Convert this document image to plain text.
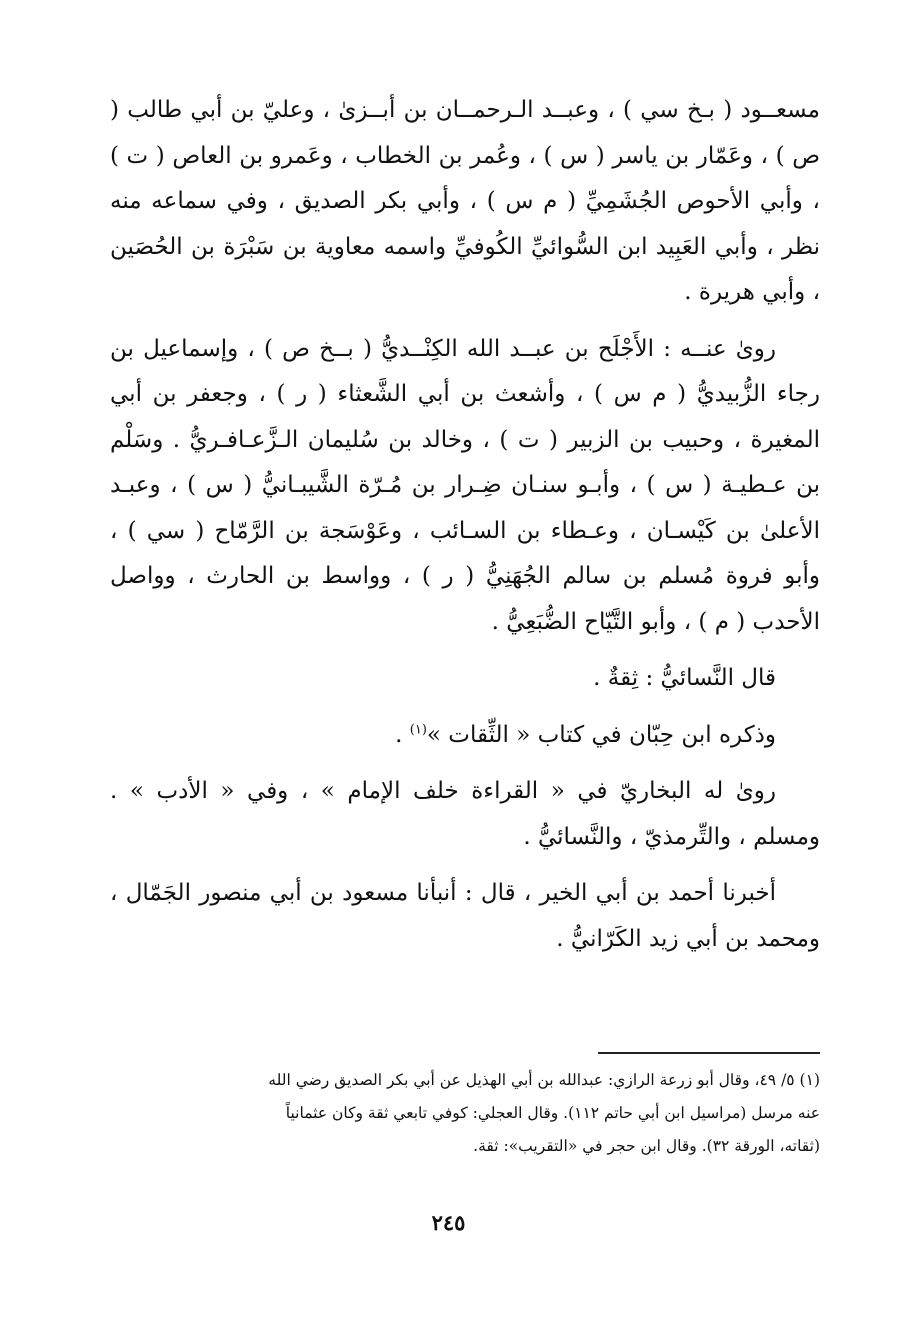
مسعــود ( بـخ سي ) ، وعبــد الـرحمــان بن أبــزىٰ ، وعليّ بن أبي طالب ( ص ) ، وعَمّار بن ياسر ( س ) ، وعُمر بن الخطاب ، وعَمرو بن العاص ( ت ) ، وأبي الأحوص الجُشَمِيِّ ( م س ) ، وأبي بكر الصديق ، وفي سماعه منه نظر ، وأبي العَبِيد ابن السُّوائيِّ الكُوفيِّ واسمه معاوية بن سَبْرَة بن الحُصَين ، وأبي هريرة .

روىٰ عنــه : الأَجْلَح بن عبــد الله الكِنْــديُّ ( بــخ ص ) ، وإسماعيل بن رجاء الزُّبيديُّ ( م س ) ، وأشعث بن أبي الشَّعثاء ( ر ) ، وجعفر بن أبي المغيرة ، وحبيب بن الزبير ( ت ) ، وخالد بن سُليمان الـزَّعـافـريُّ . وسَلْم بن عـطيـة ( س ) ، وأبـو سنـان ضِـرار بن مُـرّة الشَّيبـانيُّ ( س ) ، وعبـد الأعلىٰ بن كَيْسـان ، وعـطاء بن السـائب ، وعَوْسَجة بن الرَّمّاح ( سي ) ، وأبو فروة مُسلم بن سالم الجُهَنِيُّ ( ر ) ، وواسط بن الحارث ، وواصل الأحدب ( م ) ، وأبو التَّيّاح الضُّبَعِيُّ .

قال النَّسائيُّ : ثِقةٌ .

وذكره ابن حِبّان في كتاب « الثِّقات »$^{(١)}$ .

روىٰ له البخاريّ في « القراءة خلف الإمام » ، وفي « الأدب » . ومسلم ، والتِّرمذيّ ، والنَّسائيُّ .

أخبرنا أحمد بن أبي الخير ، قال : أنبأنا مسعود بن أبي منصور الجَمّال ، ومحمد بن أبي زيد الكَرّانيُّ .

(١) ٥/ ٤٩، وقال أبو زرعة الرازي: عبدالله بن أبي الهذيل عن أبي بكر الصديق رضي الله

عنه مرسل (مراسيل ابن أبي حاتم ١١٢). وقال العجلي: كوفي تابعي ثقة وكان عثمانياً

(ثقاته، الورقة ٣٢). وقال ابن حجر في «التقريب»: ثقة.

٢٤٥
